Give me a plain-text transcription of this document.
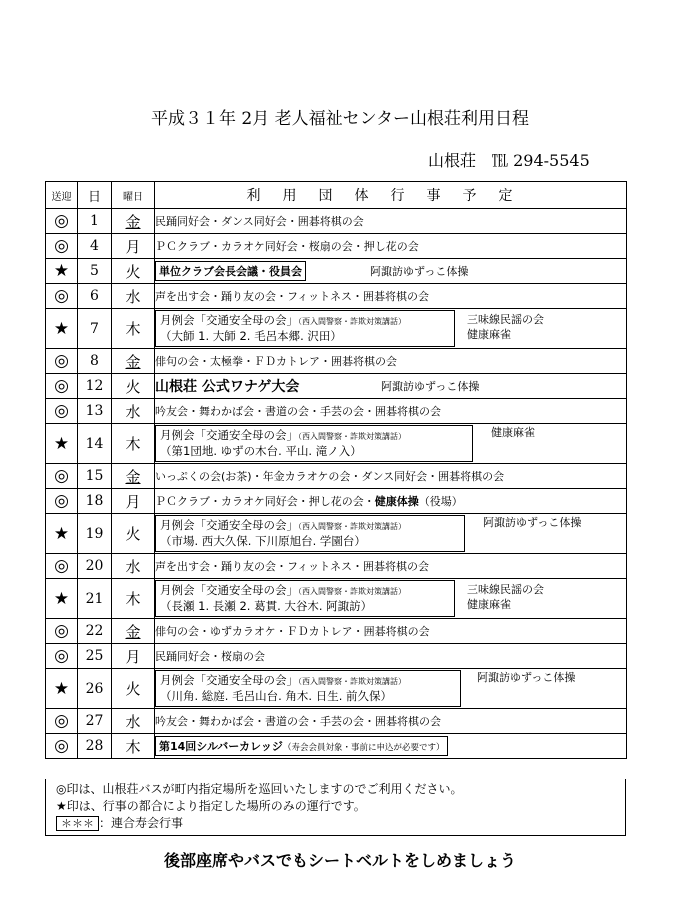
平成３１年 2月 老人福祉センター山根荘利用日程
山根荘　℡ 294-5545
送迎	日	曜日	利用団体行事予定
◎	1	金	民踊同好会・ダンス同好会・囲碁将棋の会
◎	4	月	ＰＣクラブ・カラオケ同好会・桜扇の会・押し花の会
★	5	火	単位クラブ会長会議・役員会 阿諏訪ゆずっこ体操

◎	6	水	声を出す会・踊り友の会・フィットネス・囲碁将棋の会
★	7	木	月例会「交通安全母の会」（西入間警察・詐欺対策講話）
（大師 1. 大師 2. 毛呂本郷. 沢田）
三味線民謡の会
健康麻雀

◎	8	金	俳句の会・太極拳・ＦＤカトレア・囲碁将棋の会
◎	12	火	山根荘 公式ワナゲ大会 阿諏訪ゆずっこ体操

◎	13	水	吟友会・舞わかば会・書道の会・手芸の会・囲碁将棋の会
★	14	木	月例会「交通安全母の会」（西入間警察・詐欺対策講話）
（第1団地. ゆずの木台. 平山. 滝ノ入）
健康麻雀

◎	15	金	いっぷくの会(お茶)・年金カラオケの会・ダンス同好会・囲碁将棋の会
◎	18	月	ＰＣクラブ・カラオケ同好会・押し花の会・健康体操（役場）
★	19	火	月例会「交通安全母の会」（西入間警察・詐欺対策講話）
（市場. 西大久保. 下川原旭台. 学園台）
阿諏訪ゆずっこ体操

◎	20	水	声を出す会・踊り友の会・フィットネス・囲碁将棋の会
★	21	木	月例会「交通安全母の会」（西入間警察・詐欺対策講話）
（長瀬 1. 長瀬 2. 葛貫. 大谷木. 阿諏訪）
三味線民謡の会
健康麻雀

◎	22	金	俳句の会・ゆずカラオケ・ＦＤカトレア・囲碁将棋の会
◎	25	月	民踊同好会・桜扇の会
★	26	火	月例会「交通安全母の会」（西入間警察・詐欺対策講話）
（川角. 総庭. 毛呂山台. 角木. 日生. 前久保）
阿諏訪ゆずっこ体操

◎	27	水	吟友会・舞わかば会・書道の会・手芸の会・囲碁将棋の会
◎	28	木	第14回シルバーカレッジ（寿会会員対象・事前に申込が必要です）
◎印は、山根荘バスが町内指定場所を巡回いたしますのでご利用ください。
★印は、行事の都合により指定した場所のみの運行です。
＊＊＊ ：連合寿会行事
後部座席やバスでもシートベルトをしめましょう
